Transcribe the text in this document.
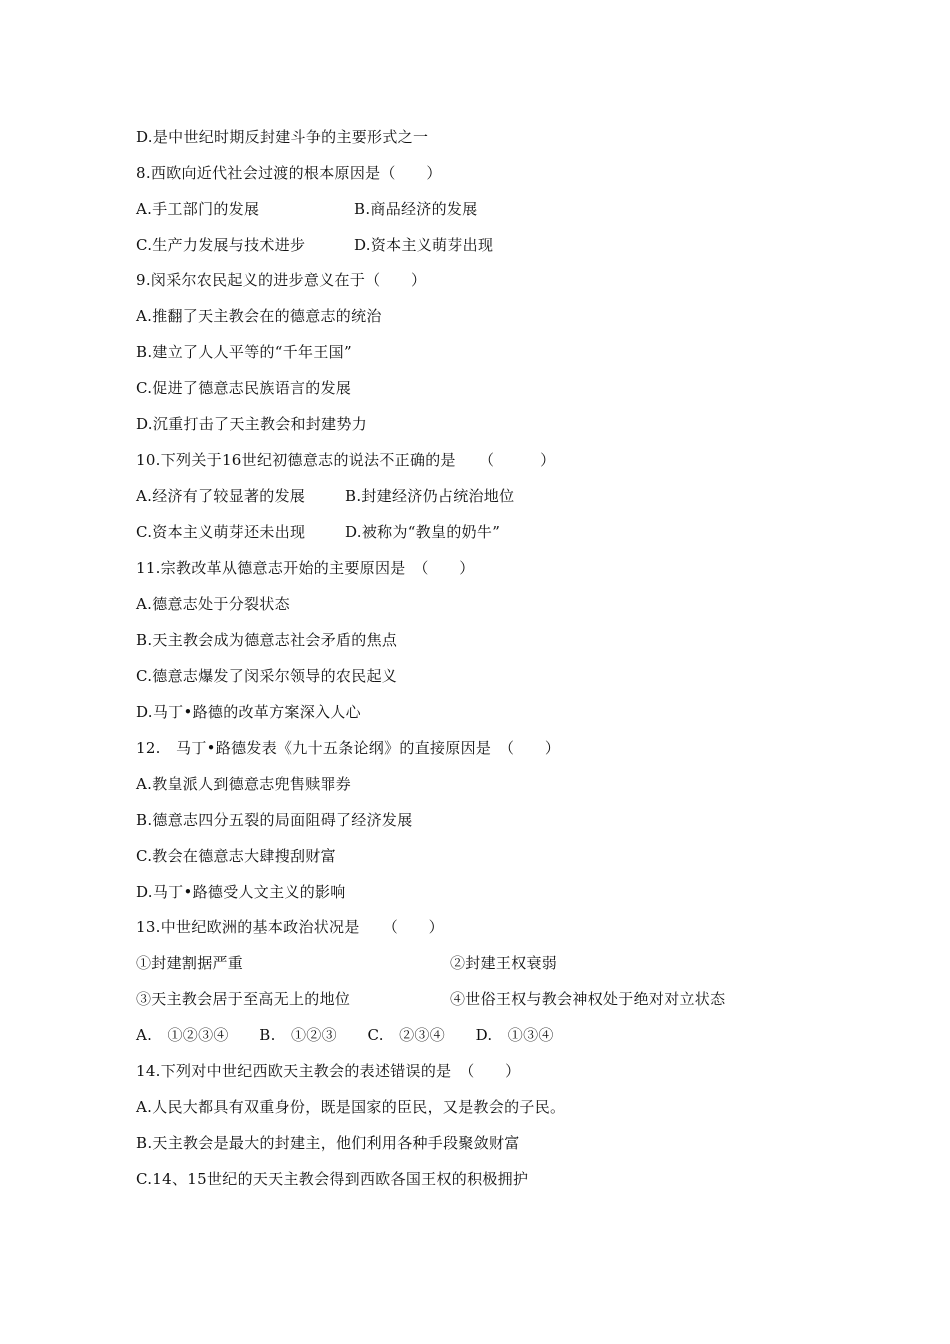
D.是中世纪时期反封建斗争的主要形式之一
8.西欧向近代社会过渡的根本原因是（　　）
A.手工部门的发展	B.商品经济的发展
C.生产力发展与技术进步	D.资本主义萌芽出现
9.闵采尔农民起义的进步意义在于（　　）
A.推翻了天主教会在的德意志的统治
B.建立了人人平等的“千年王国”
C.促进了德意志民族语言的发展
D.沉重打击了天主教会和封建势力
10.下列关于16世纪初德意志的说法不正确的是　　（　　　）
A.经济有了较显著的发展	B.封建经济仍占统治地位
C.资本主义萌芽还未出现	D.被称为“教皇的奶牛”
11.宗教改革从德意志开始的主要原因是　（　　）
A.德意志处于分裂状态
B.天主教会成为德意志社会矛盾的焦点
C.德意志爆发了闵采尔领导的农民起义
D.马丁•路德的改革方案深入人心
12.　马丁•路德发表《九十五条论纲》的直接原因是　（　　）
A.教皇派人到德意志兜售赎罪券
B.德意志四分五裂的局面阻碍了经济发展
C.教会在德意志大肆搜刮财富
D.马丁•路德受人文主义的影响
13.中世纪欧洲的基本政治状况是　　（　　）
①封建割据严重	②封建王权衰弱
③天主教会居于至高无上的地位	④世俗王权与教会神权处于绝对对立状态
A.　①②③④　　B.　①②③　　C.　②③④　　D.　①③④
14.下列对中世纪西欧天主教会的表述错误的是　（　　）
A.人民大都具有双重身份，既是国家的臣民，又是教会的子民。
B.天主教会是最大的封建主，他们利用各种手段聚敛财富
C.14、15世纪的天天主教会得到西欧各国王权的积极拥护
